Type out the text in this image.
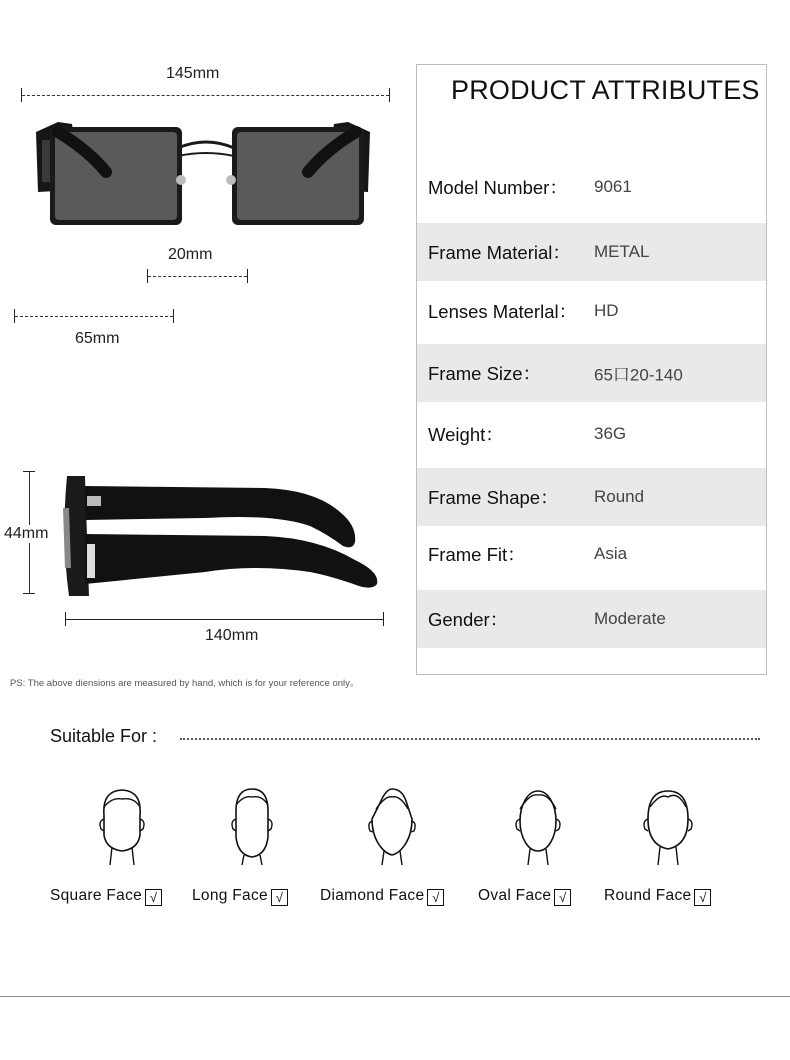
145mm
20mm
65mm
44mm
140mm
PS: The above diensions are measured by hand, which is for your reference only。
PRODUCT ATTRIBUTES
Model Number： 9061
Frame Material： METAL
Lenses Materlal： HD
Frame Size：	65口20-140
Weight：	36G
Frame Shape： Round
Frame Fit：	Asia
Gender：	Moderate
Suitable For :
Square Face √	Long Face √	Diamond Face √	Oval Face √	Round Face √
